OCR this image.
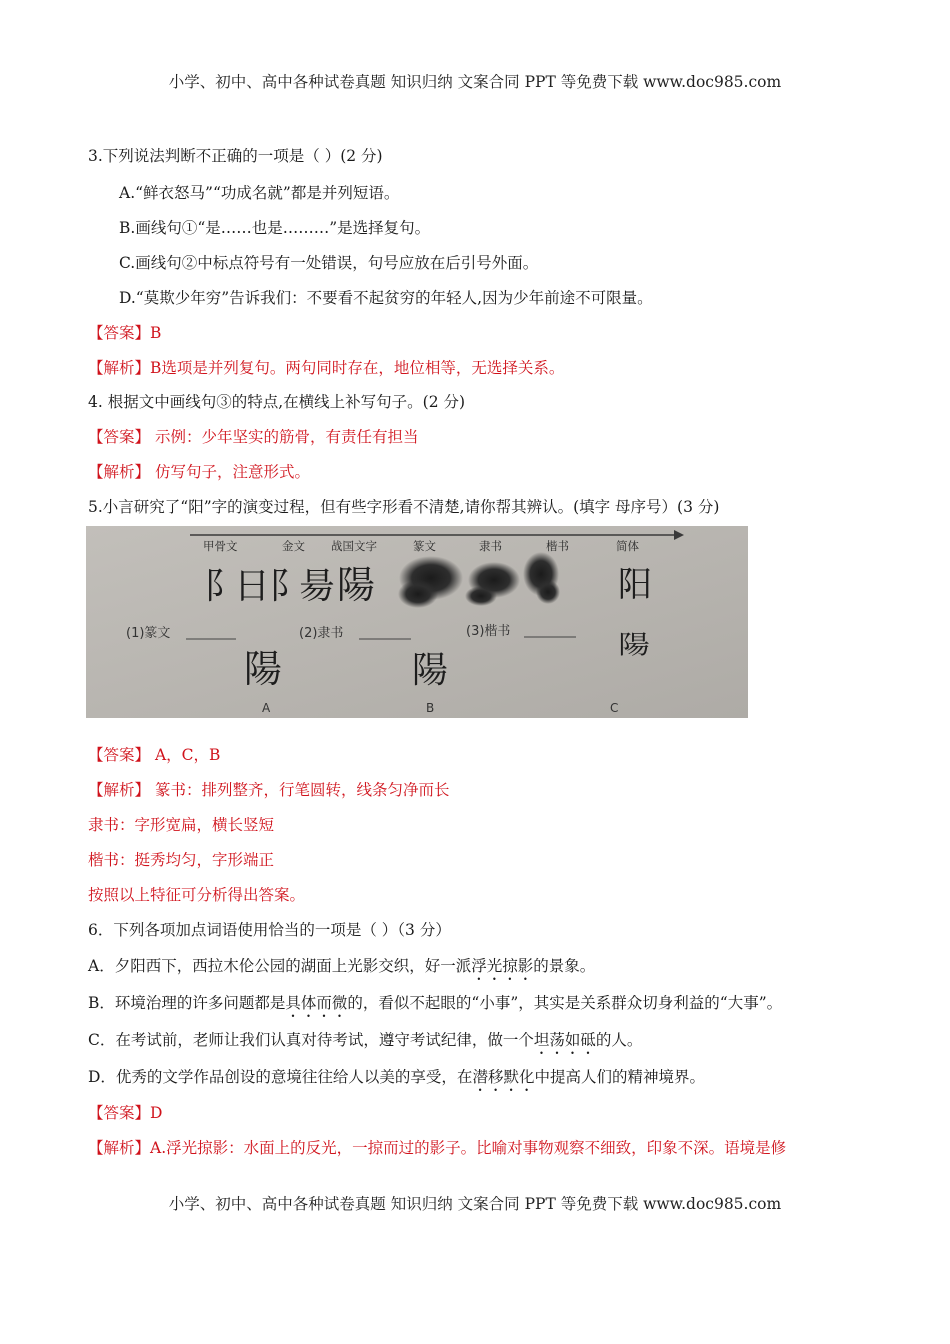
小学、初中、高中各种试卷真题 知识归纳 文案合同 PPT 等免费下载 www.doc985.com
3.下列说法判断不正确的一项是（ ）(2 分)
A.“鲜衣怒马”“功成名就”都是并列短语。
B.画线句①“是……也是………”是选择复句。
C.画线句②中标点符号有一处错误，句号应放在后引号外面。
D.“莫欺少年穷”告诉我们：不要看不起贫穷的年轻人,因为少年前途不可限量。
【答案】B
【解析】B选项是并列复句。两句同时存在，地位相等，无选择关系。
4. 根据文中画线句③的特点,在横线上补写句子。(2 分)
【答案】 示例：少年坚实的筋骨，有责任有担当
【解析】 仿写句子，注意形式。
5.小言研究了“阳”字的演变过程，但有些字形看不清楚,请你帮其辨认。(填字 母序号）(3 分)
甲骨文	金文 战国文字	篆文	隶书	楷书	简体
阝日 阝昜 陽	阳
(1)篆文	(2)隶书	(3)楷书
陽	陽
陽
A	B	C
【答案】 A，C，B
【解析】 篆书：排列整齐，行笔圆转，线条匀净而长
隶书：字形宽扁，横长竖短
楷书：挺秀均匀，字形端正
按照以上特征可分析得出答案。
6．下列各项加点词语使用恰当的一项是（ ）（3 分）
A．夕阳西下，西拉木伦公园的湖面上光影交织，好一派浮光掠影的景象。
B．环境治理的许多问题都是具体而微的，看似不起眼的“小事”，其实是关系群众切身利益的“大事”。
C．在考试前，老师让我们认真对待考试，遵守考试纪律，做一个坦荡如砥的人。
D．优秀的文学作品创设的意境往往给人以美的享受，在潜移默化中提高人们的精神境界。
【答案】D
【解析】A.浮光掠影：水面上的反光，一掠而过的影子。比喻对事物观察不细致，印象不深。语境是修
小学、初中、高中各种试卷真题 知识归纳 文案合同 PPT 等免费下载 www.doc985.com
